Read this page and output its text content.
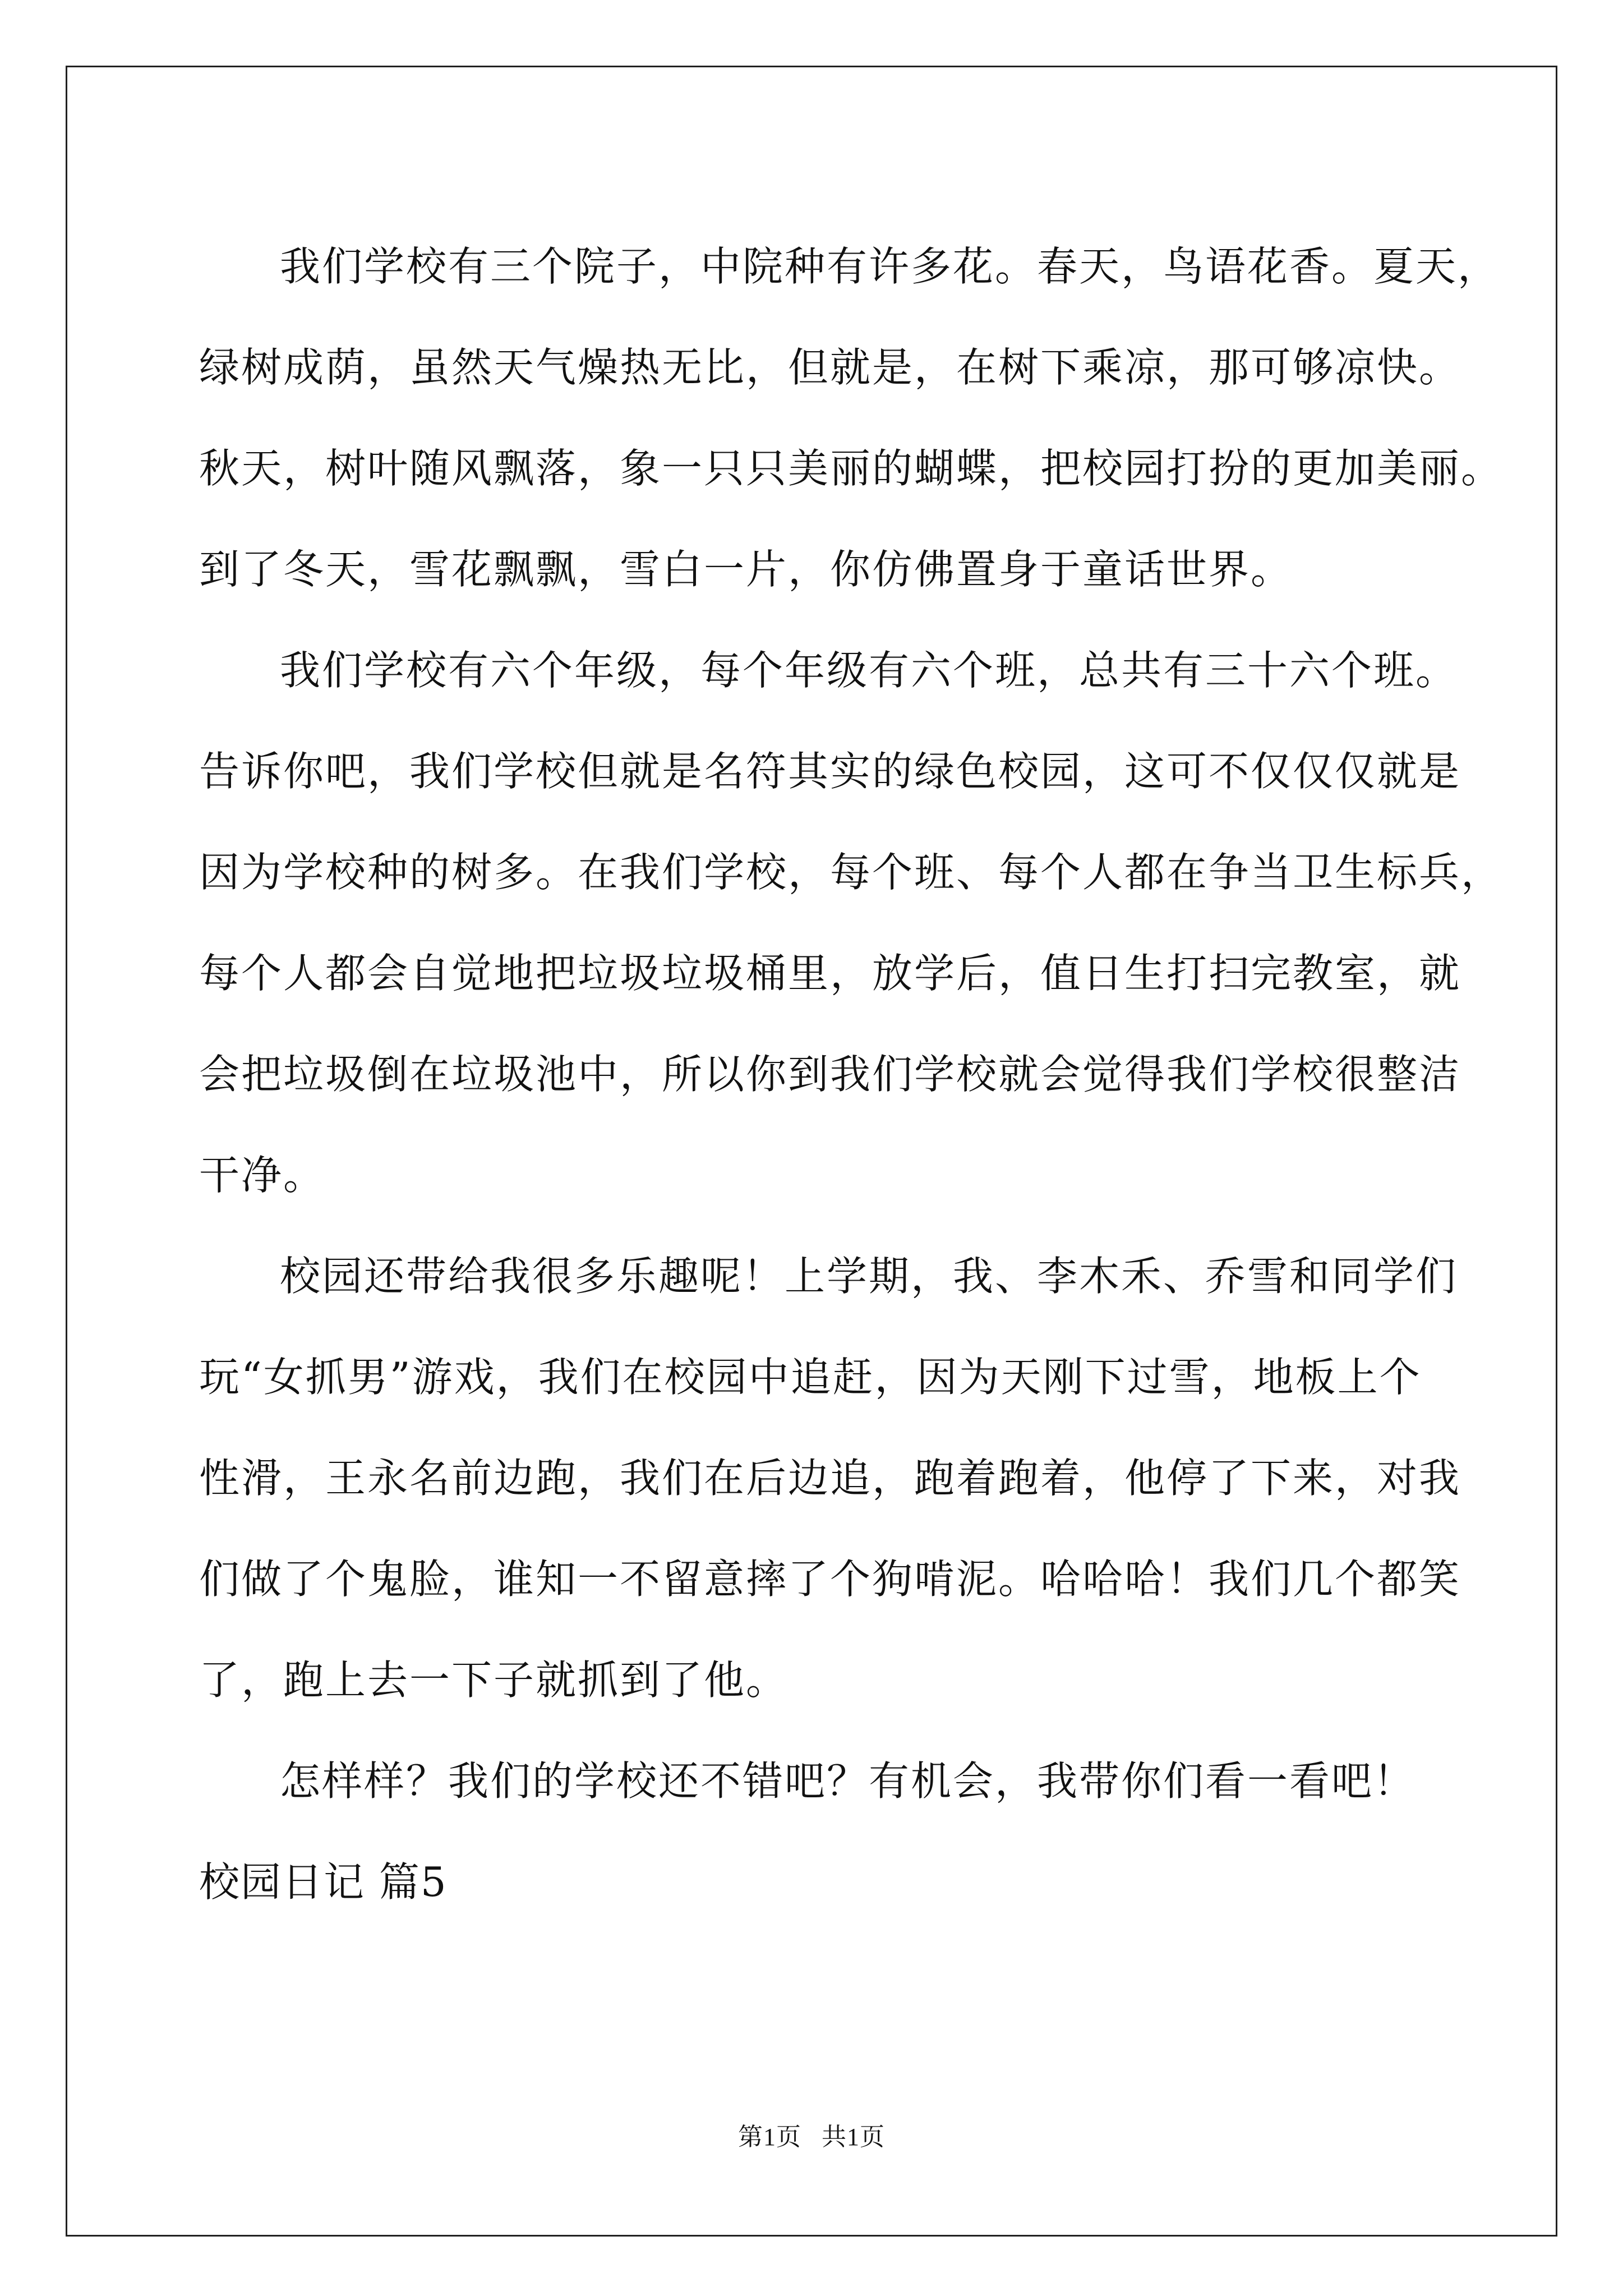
我们学校有三个院子，中院种有许多花。春天，鸟语花香。夏天，
绿树成荫，虽然天气燥热无比，但就是，在树下乘凉，那可够凉快。
秋天，树叶随风飘落，象一只只美丽的蝴蝶，把校园打扮的更加美丽。
到了冬天，雪花飘飘，雪白一片，你仿佛置身于童话世界。
我们学校有六个年级，每个年级有六个班，总共有三十六个班。
告诉你吧，我们学校但就是名符其实的绿色校园，这可不仅仅仅就是
因为学校种的树多。在我们学校，每个班、每个人都在争当卫生标兵，
每个人都会自觉地把垃圾垃圾桶里，放学后，值日生打扫完教室，就
会把垃圾倒在垃圾池中，所以你到我们学校就会觉得我们学校很整洁
干净。
校园还带给我很多乐趣呢！上学期，我、李木禾、乔雪和同学们
玩“女抓男”游戏，我们在校园中追赶，因为天刚下过雪，地板上个
性滑，王永名前边跑，我们在后边追，跑着跑着，他停了下来，对我
们做了个鬼脸，谁知一不留意摔了个狗啃泥。哈哈哈！我们几个都笑
了，跑上去一下子就抓到了他。
怎样样？我们的学校还不错吧？有机会，我带你们看一看吧！
校园日记 篇5
第1页   共1页
